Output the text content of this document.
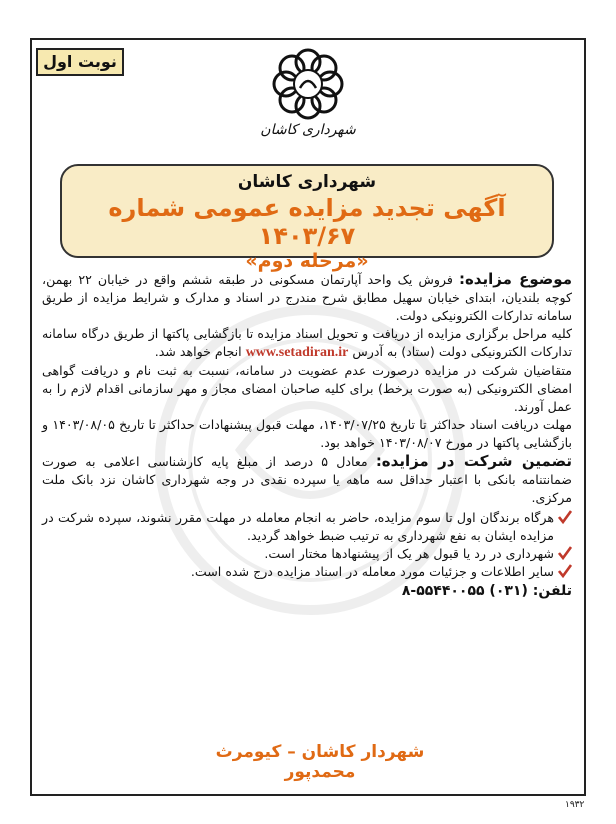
نوبت اول
شهرداری کاشان
شهرداری کاشان
آگهی تجدید مزایده عمومی شماره ۱۴۰۳/۶۷
«مرحله دوم»

موضوع مزایده: فروش یک واحد آپارتمان مسکونی در طبقه ششم واقع در خیابان ۲۲ بهمن، کوچه بلندیان، ابتدای خیابان سهیل مطابق شرح مندرج در اسناد و مدارک و شرایط مزایده از طریق سامانه تدارکات الکترونیکی دولت.

کلیه مراحل برگزاری مزایده از دریافت و تحویل اسناد مزایده تا بازگشایی پاکتها از طریق درگاه سامانه تدارکات الکترونیکی دولت (ستاد) به آدرس www.setadiran.ir انجام خواهد شد.

متقاضیان شرکت در مزایده درصورت عدم عضویت در سامانه، نسبت به ثبت نام و دریافت گواهی امضای الکترونیکی (به صورت برخط) برای کلیه صاحبان امضای مجاز و مهر سازمانی اقدام لازم را به عمل آورند.

مهلت دریافت اسناد حداکثر تا تاریخ ۱۴۰۳/۰۷/۲۵، مهلت قبول پیشنهادات حداکثر تا تاریخ ۱۴۰۳/۰۸/۰۵ و بازگشایی پاکتها در مورخ ۱۴۰۳/۰۸/۰۷ خواهد بود.

تضمین شرکت در مزایده: معادل ۵ درصد از مبلغ پایه کارشناسی اعلامی به صورت ضمانتنامه بانکی با اعتبار حداقل سه ماهه یا سپرده نقدی در وجه شهرداری کاشان نزد بانک ملت مرکزی.

هرگاه برندگان اول تا سوم مزایده، حاضر به انجام معامله در مهلت مقرر نشوند، سپرده شرکت در مزایده ایشان به نفع شهرداری به ترتیب ضبط خواهد گردید.
شهرداری در رد یا قبول هر یک از پیشنهادها مختار است.
سایر اطلاعات و جزئیات مورد معامله در اسناد مزایده درج شده است.
تلفن: ۸-۵۵۴۴۰۰۵۵ (۰۳۱)
شهردار کاشان – کیومرث محمدپور
۱۹۳۲
